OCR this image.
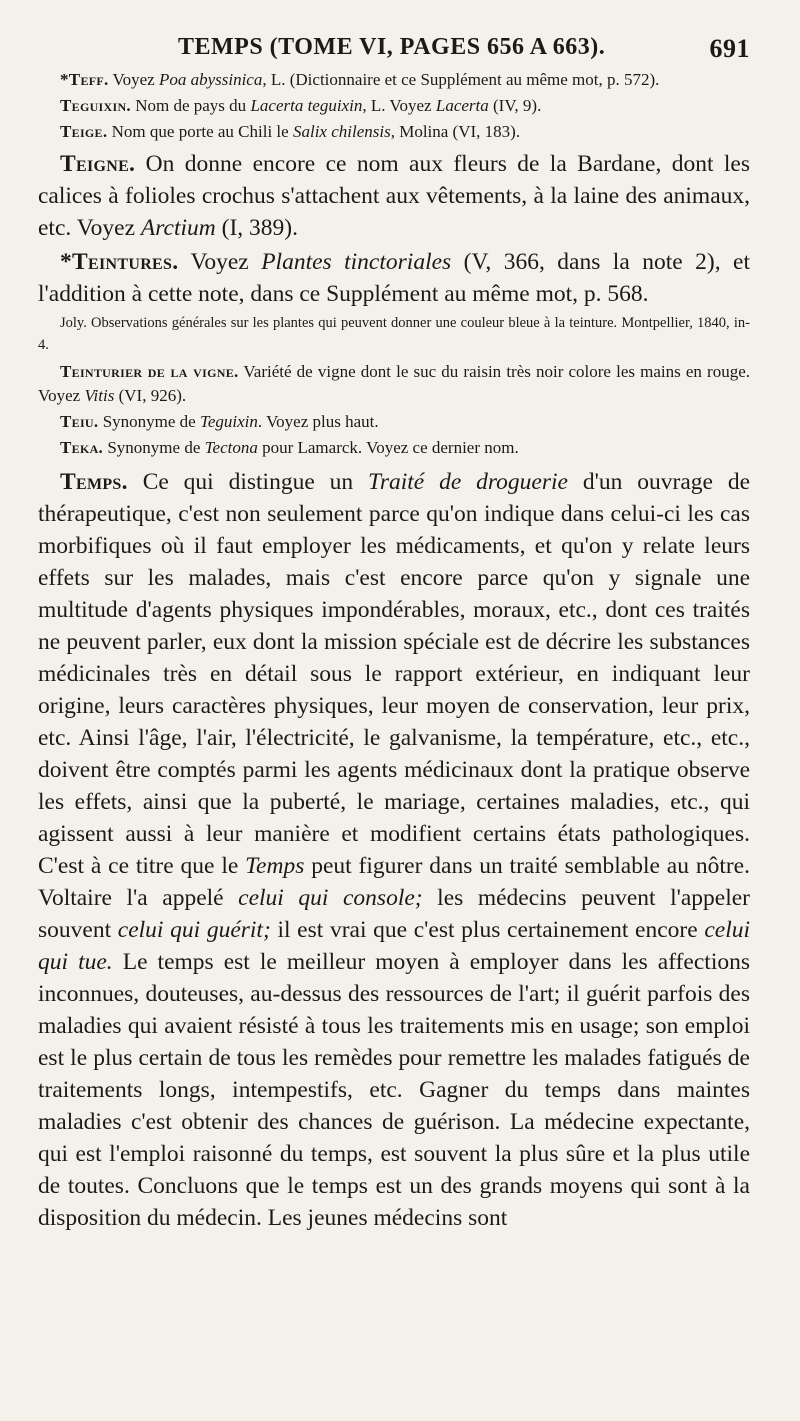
TEMPS (TOME VI, PAGES 656 A 663).	691

*Teff. Voyez Poa abyssinica, L. (Dictionnaire et ce Supplément au même mot, p. 572).

Teguixin. Nom de pays du Lacerta teguixin, L. Voyez Lacerta (IV, 9).

Teige. Nom que porte au Chili le Salix chilensis, Molina (VI, 183).

Teigne. On donne encore ce nom aux fleurs de la Bardane, dont les calices à folioles crochus s'attachent aux vêtements, à la laine des animaux, etc. Voyez Arctium (I, 389).

*Teintures. Voyez Plantes tinctoriales (V, 366, dans la note 2), et l'addition à cette note, dans ce Supplément au même mot, p. 568.

Joly. Observations générales sur les plantes qui peuvent donner une couleur bleue à la teinture. Montpellier, 1840, in-4.

Teinturier de la vigne. Variété de vigne dont le suc du raisin très noir colore les mains en rouge. Voyez Vitis (VI, 926).

Teiu. Synonyme de Teguixin. Voyez plus haut.

Teka. Synonyme de Tectona pour Lamarck. Voyez ce dernier nom.

Temps. Ce qui distingue un Traité de droguerie d'un ouvrage de thérapeutique, c'est non seulement parce qu'on indique dans celui-ci les cas morbifiques où il faut employer les médicaments, et qu'on y relate leurs effets sur les malades, mais c'est encore parce qu'on y signale une multitude d'agents physiques impondérables, moraux, etc., dont ces traités ne peuvent parler, eux dont la mission spéciale est de décrire les substances médicinales très en détail sous le rapport extérieur, en indiquant leur origine, leurs caractères physiques, leur moyen de conservation, leur prix, etc. Ainsi l'âge, l'air, l'électricité, le galvanisme, la température, etc., etc., doivent être comptés parmi les agents médicinaux dont la pratique observe les effets, ainsi que la puberté, le mariage, certaines maladies, etc., qui agissent aussi à leur manière et modifient certains états pathologiques. C'est à ce titre que le Temps peut figurer dans un traité semblable au nôtre. Voltaire l'a appelé celui qui console; les médecins peuvent l'appeler souvent celui qui guérit; il est vrai que c'est plus certainement encore celui qui tue. Le temps est le meilleur moyen à employer dans les affections inconnues, douteuses, au-dessus des ressources de l'art; il guérit parfois des maladies qui avaient résisté à tous les traitements mis en usage; son emploi est le plus certain de tous les remèdes pour remettre les malades fatigués de traitements longs, intempestifs, etc. Gagner du temps dans maintes maladies c'est obtenir des chances de guérison. La médecine expectante, qui est l'emploi raisonné du temps, est souvent la plus sûre et la plus utile de toutes. Concluons que le temps est un des grands moyens qui sont à la disposition du médecin. Les jeunes médecins sont
